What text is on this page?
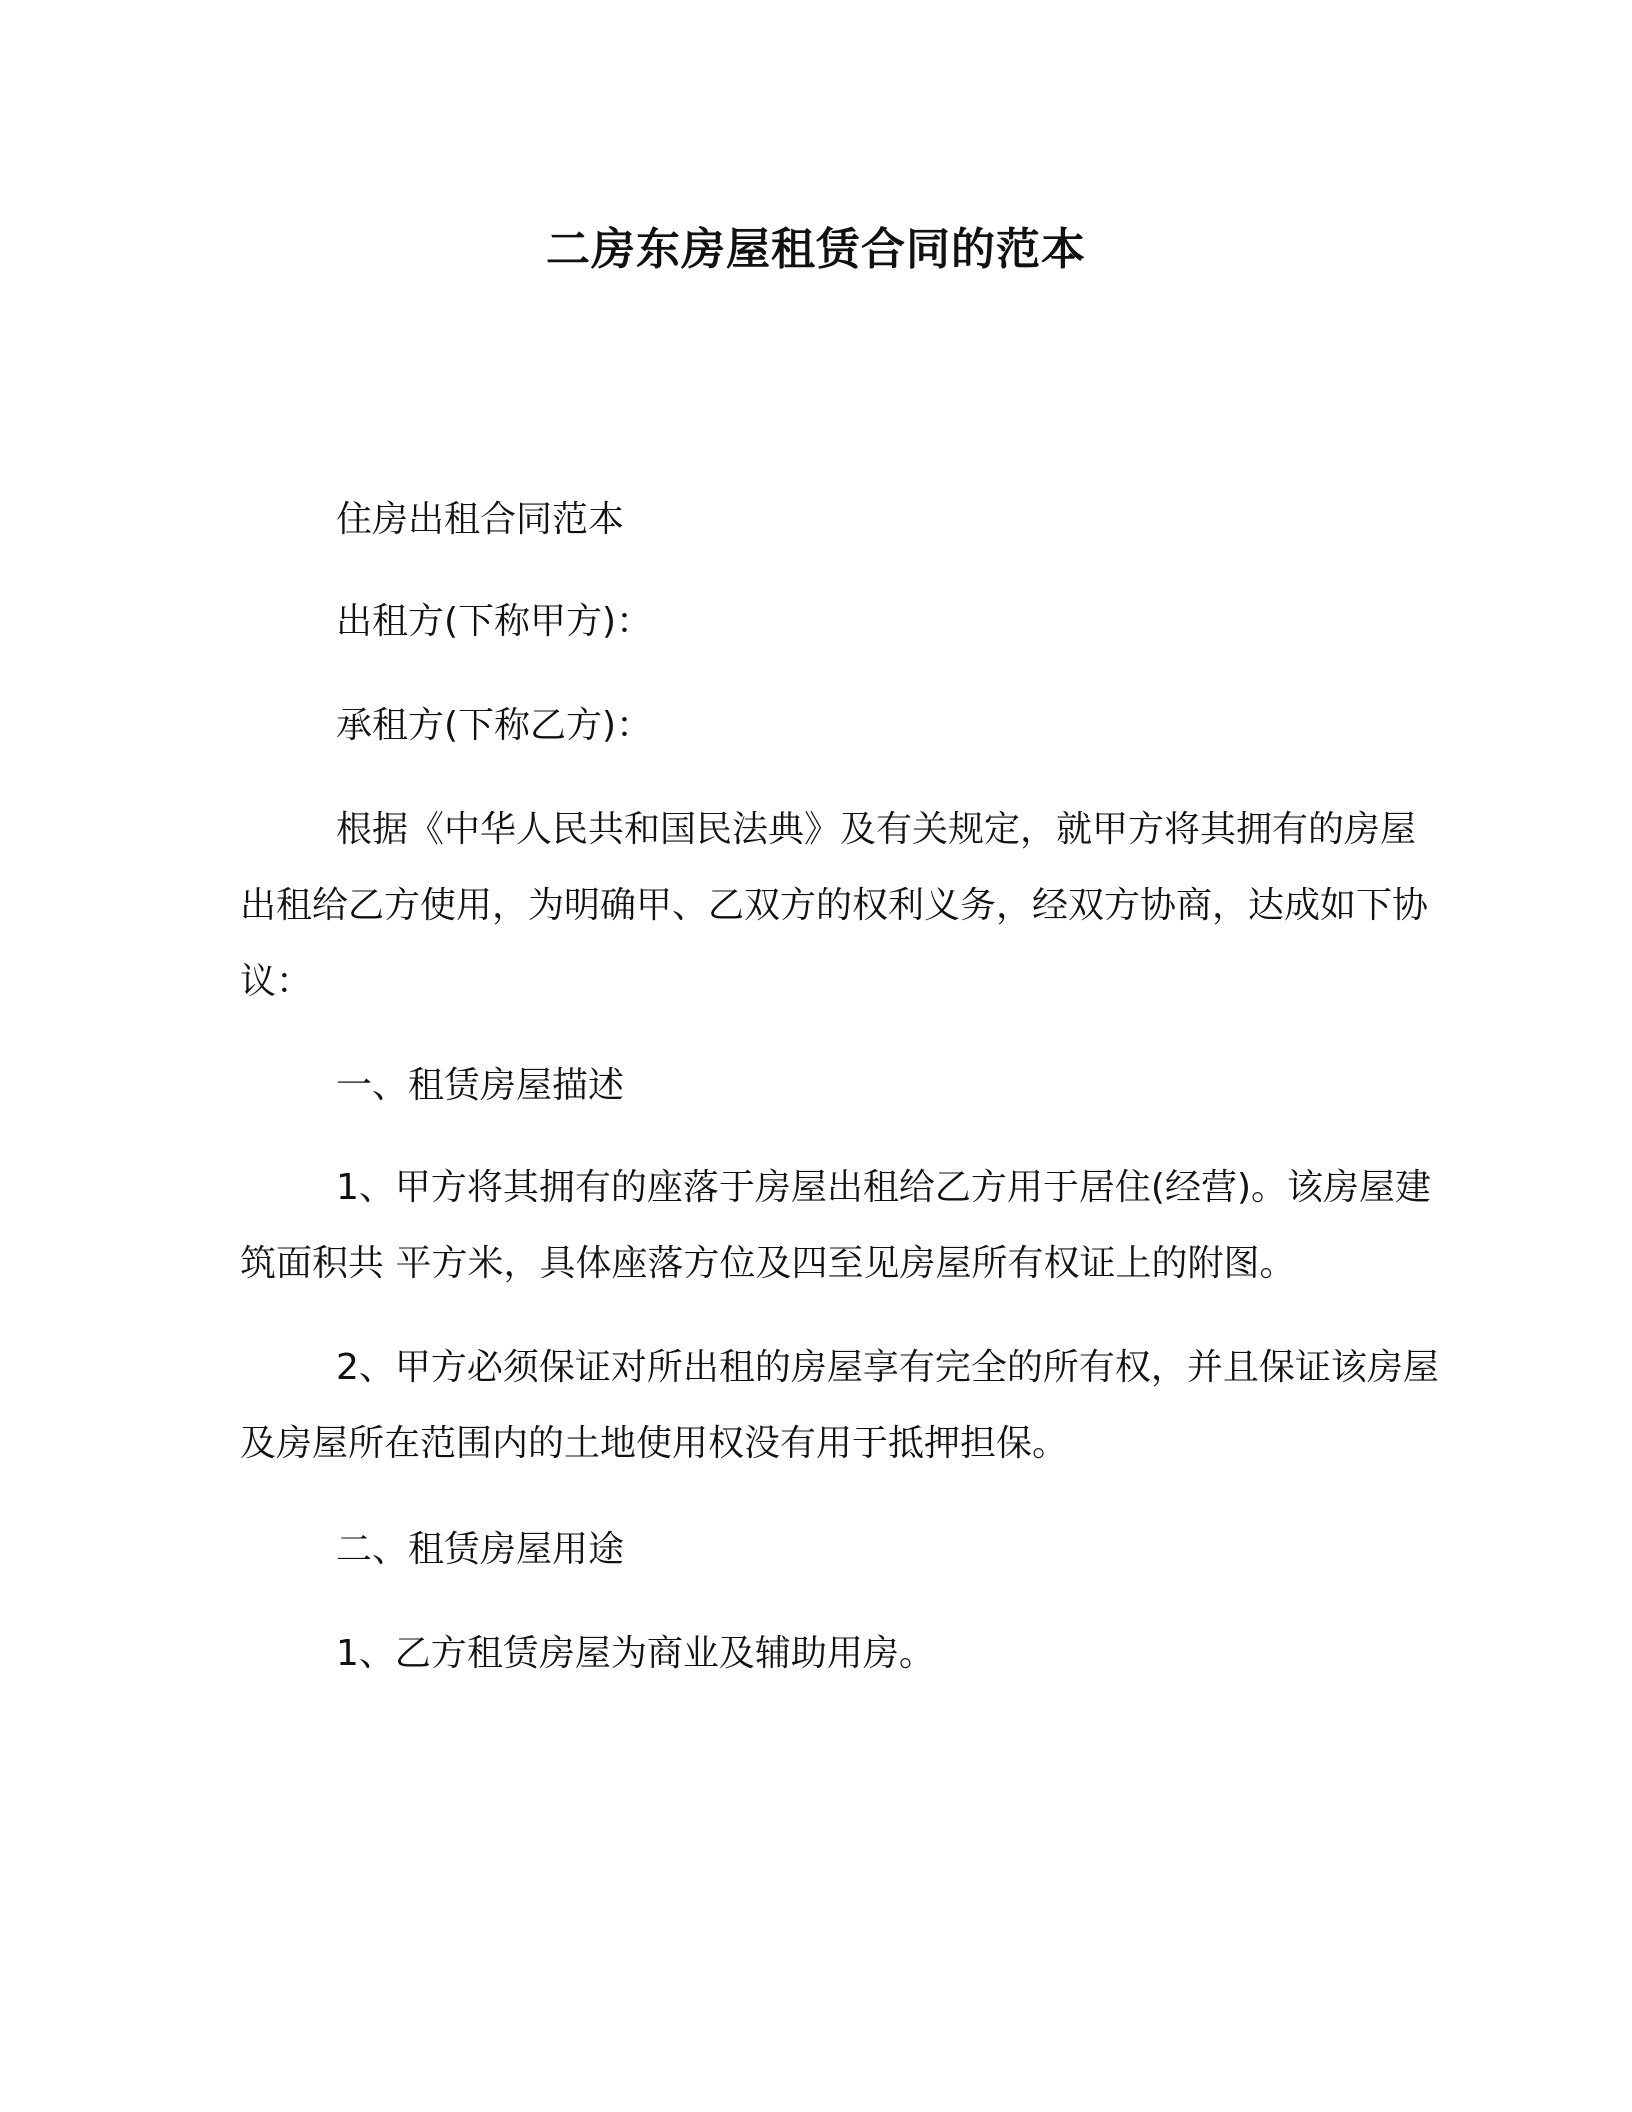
二房东房屋租赁合同的范本
住房出租合同范本
出租方(下称甲方)：
承租方(下称乙方)：
根据《中华人民共和国民法典》及有关规定，就甲方将其拥有的房屋出租给乙方使用，为明确甲、乙双方的权利义务，经双方协商，达成如下协议：
一、租赁房屋描述
1、甲方将其拥有的座落于房屋出租给乙方用于居住(经营)。该房屋建筑面积共 平方米，具体座落方位及四至见房屋所有权证上的附图。
2、甲方必须保证对所出租的房屋享有完全的所有权，并且保证该房屋及房屋所在范围内的土地使用权没有用于抵押担保。
二、租赁房屋用途
1、乙方租赁房屋为商业及辅助用房。
